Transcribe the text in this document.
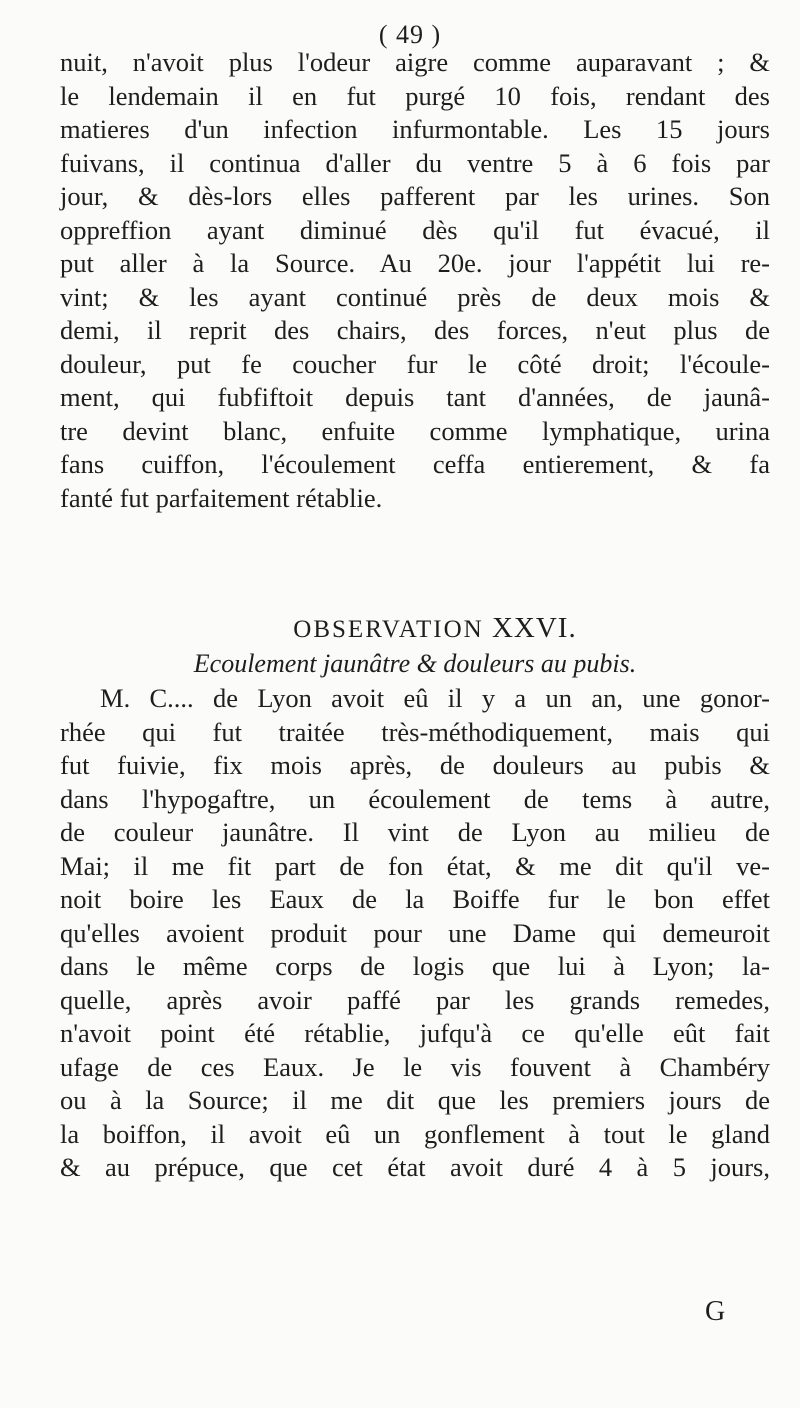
( 49 )
nuit, n'avoit plus l'odeur aigre comme auparavant ; &
le lendemain il en fut purgé 10 fois, rendant des
matieres d'un infection infurmontable. Les 15 jours
fuivans, il continua d'aller du ventre 5 à 6 fois par
jour, & dès-lors elles pafferent par les urines. Son
oppreffion ayant diminué dès qu'il fut évacué, il
put aller à la Source. Au 20e. jour l'appétit lui re-
vint; & les ayant continué près de deux mois &
demi, il reprit des chairs, des forces, n'eut plus de
douleur, put fe coucher fur le côté droit; l'écoule-
ment, qui fubfiftoit depuis tant d'années, de jaunâ-
tre devint blanc, enfuite comme lymphatique, urina
fans cuiffon, l'écoulement ceffa entierement, & fa
fanté fut parfaitement rétablie.
OBSERVATION XXVI.
Ecoulement jaunâtre & douleurs au pubis.
M. C.... de Lyon avoit eû il y a un an, une gonor-
rhée qui fut traitée très-méthodiquement, mais qui
fut fuivie, fix mois après, de douleurs au pubis &
dans l'hypogaftre, un écoulement de tems à autre,
de couleur jaunâtre. Il vint de Lyon au milieu de
Mai; il me fit part de fon état, & me dit qu'il ve-
noit boire les Eaux de la Boiffe fur le bon effet
qu'elles avoient produit pour une Dame qui demeuroit
dans le même corps de logis que lui à Lyon; la-
quelle, après avoir paffé par les grands remedes,
n'avoit point été rétablie, jufqu'à ce qu'elle eût fait
ufage de ces Eaux. Je le vis fouvent à Chambéry
ou à la Source; il me dit que les premiers jours de
la boiffon, il avoit eû un gonflement à tout le gland
& au prépuce, que cet état avoit duré 4 à 5 jours,
G
